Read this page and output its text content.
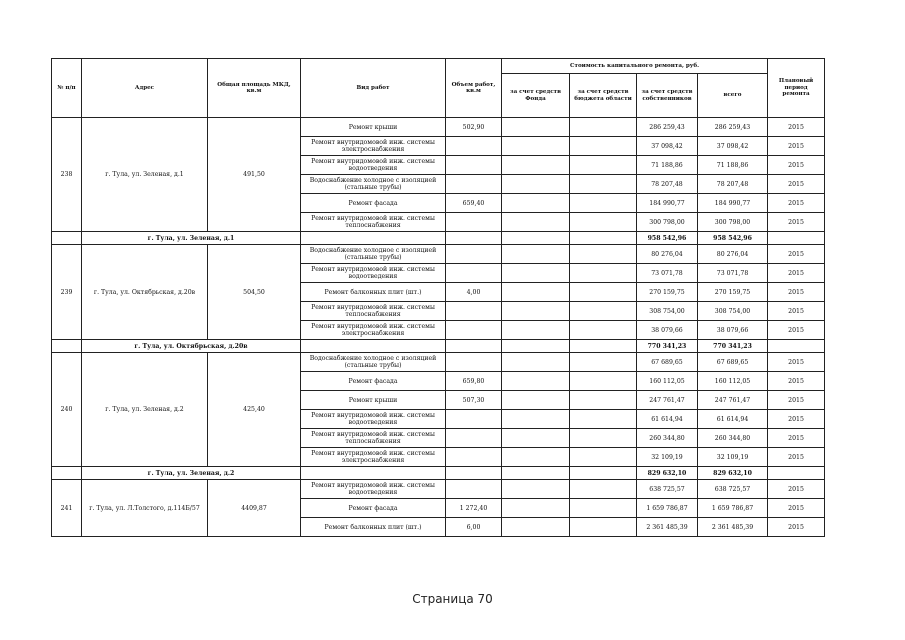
№ п/п	Адрес	Общая площадь МКД, кв.м	Вид работ	Объем работ, кв.м	Стоимость капитального ремонта, руб.				Плановый период ремонта
					за счет средств Фонда	за счет средств бюджета области	за счет средств собственников	всего	
238	г. Тула, ул. Зеленая, д.1	491,50	Ремонт крыши	502,90			286 259,43	286 259,43	2015
			Ремонт внутридомовой инж. системы электроснабжения				37 098,42	37 098,42	2015
			Ремонт внутридомовой инж. системы водоотведения				71 188,86	71 188,86	2015
			Водоснабжение холодное с изоляцией (стальные трубы)				78 207,48	78 207,48	2015
			Ремонт фасада	659,40			184 990,77	184 990,77	2015
			Ремонт внутридомовой инж. системы теплоснабжения				300 798,00	300 798,00	2015
	г. Тула, ул. Зеленая, д.1						958 542,96	958 542,96	
239	г. Тула, ул. Октябрьская, д.20в	504,50	Водоснабжение холодное с изоляцией (стальные трубы)				80 276,04	80 276,04	2015
			Ремонт внутридомовой инж. системы водоотведения				73 071,78	73 071,78	2015
			Ремонт балконных плит (шт.)	4,00			270 159,75	270 159,75	2015
			Ремонт внутридомовой инж. системы теплоснабжения				308 754,00	308 754,00	2015
			Ремонт внутридомовой инж. системы электроснабжения				38 079,66	38 079,66	2015
	г. Тула, ул. Октябрьская, д.20в						770 341,23	770 341,23	
240	г. Тула, ул. Зеленая, д.2	425,40	Водоснабжение холодное с изоляцией (стальные трубы)				67 689,65	67 689,65	2015
			Ремонт фасада	659,80			160 112,05	160 112,05	2015
			Ремонт крыши	507,30			247 761,47	247 761,47	2015
			Ремонт внутридомовой инж. системы водоотведения				61 614,94	61 614,94	2015
			Ремонт внутридомовой инж. системы теплоснабжения				260 344,80	260 344,80	2015
			Ремонт внутридомовой инж. системы электроснабжения				32 109,19	32 109,19	2015
	г. Тула, ул. Зеленая, д.2						829 632,10	829 632,10	
241	г. Тула, ул. Л.Толстого, д.114Б/57	4409,87	Ремонт внутридомовой инж. системы водоотведения				638 725,57	638 725,57	2015
			Ремонт фасада	1 272,40			1 659 786,87	1 659 786,87	2015
			Ремонт балконных плит (шт.)	6,00			2 361 485,39	2 361 485,39	2015
Страница 70
